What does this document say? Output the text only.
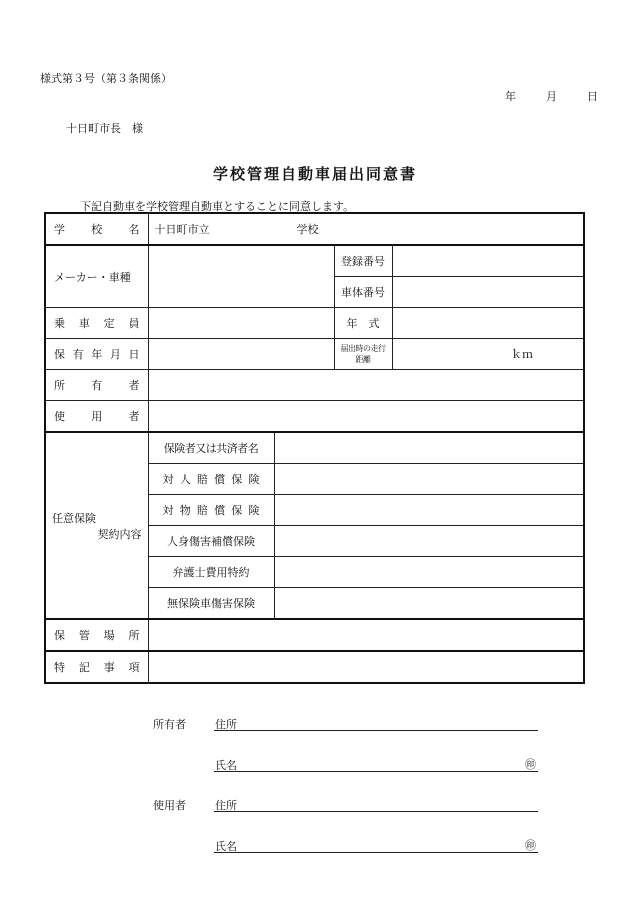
様式第３号（第３条関係）
年	月	日
十日町市長　様
学校管理自動車届出同意書
下記自動車を学校管理自動車とすることに同意します。
学　校　名	十日町市立 学校			
メーカー・車種			登録番号	
			車体番号	
乗　車　定　員			年　式	
保有年月日			届出時の走行距離	ｋｍ
所　有　者				
使　用　者				

任意保険
契約内容	保険者又は共済者名			
	対人賠償保険			
	対物賠償保険			
	人身傷害補償保険			
	弁護士費用特約			
	無保険車傷害保険			
保　管　場　所				
特　記　事　項				
所有者	住所
氏名	㊞
使用者	住所
氏名	㊞
